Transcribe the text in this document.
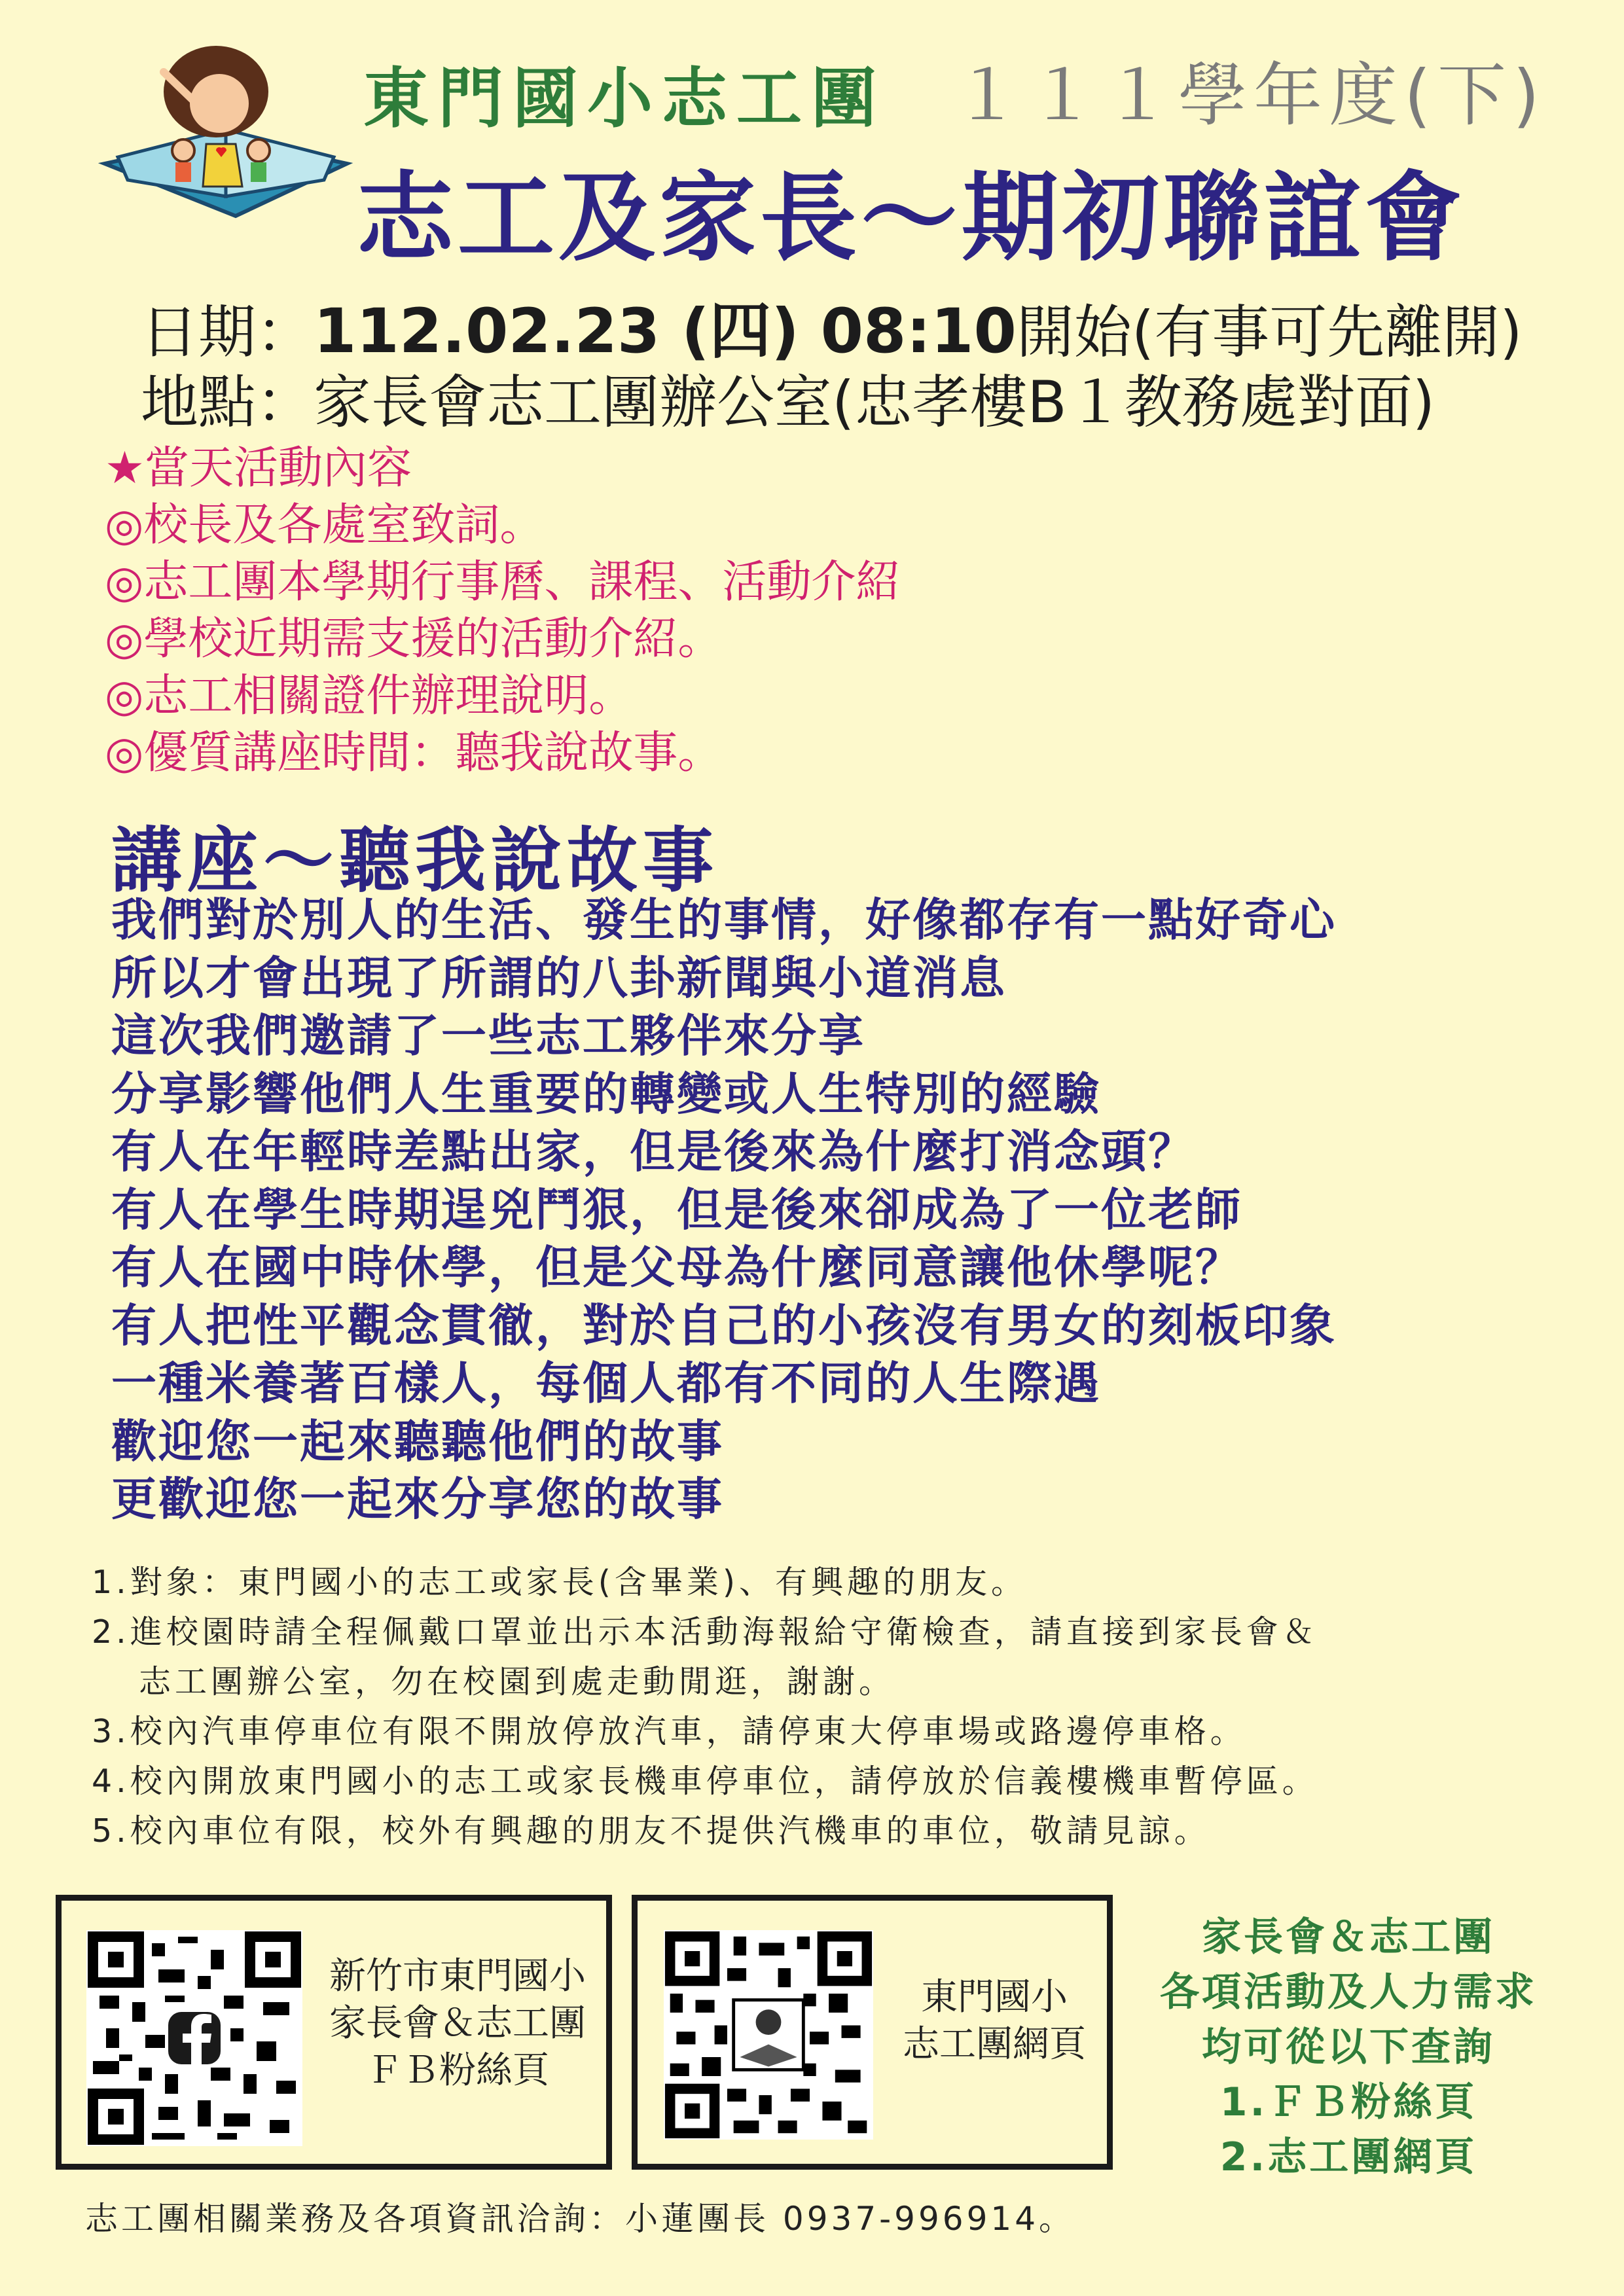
東門國小志工團 １１１學年度(下)
志工及家長～期初聯誼會
日期：112.02.23 (四) 08:10開始(有事可先離開)
地點：家長會志工團辦公室(忠孝樓B１教務處對面)
★當天活動內容
◎校長及各處室致詞。
◎志工團本學期行事曆、課程、活動介紹
◎學校近期需支援的活動介紹。
◎志工相關證件辦理說明。
◎優質講座時間：聽我說故事。
講座～聽我說故事
我們對於別人的生活、發生的事情，好像都存有一點好奇心
所以才會出現了所謂的八卦新聞與小道消息
這次我們邀請了一些志工夥伴來分享
分享影響他們人生重要的轉變或人生特別的經驗
有人在年輕時差點出家，但是後來為什麼打消念頭？
有人在學生時期逞兇鬥狠，但是後來卻成為了一位老師
有人在國中時休學，但是父母為什麼同意讓他休學呢？
有人把性平觀念貫徹，對於自己的小孩沒有男女的刻板印象
一種米養著百樣人，每個人都有不同的人生際遇
歡迎您一起來聽聽他們的故事
更歡迎您一起來分享您的故事
1.對象：東門國小的志工或家長(含畢業)、有興趣的朋友。
2.進校園時請全程佩戴口罩並出示本活動海報給守衛檢查，請直接到家長會＆
志工團辦公室，勿在校園到處走動閒逛，謝謝。
3.校內汽車停車位有限不開放停放汽車，請停東大停車場或路邊停車格。
4.校內開放東門國小的志工或家長機車停車位，請停放於信義樓機車暫停區。
5.校內車位有限，校外有興趣的朋友不提供汽機車的車位，敬請見諒。
新竹市東門國小
家長會＆志工團
ＦＢ粉絲頁
東門國小
志工團網頁
家長會＆志工團
各項活動及人力需求
均可從以下查詢
1.ＦＢ粉絲頁
2.志工團網頁
志工團相關業務及各項資訊洽詢：小蓮團長 0937-996914。
